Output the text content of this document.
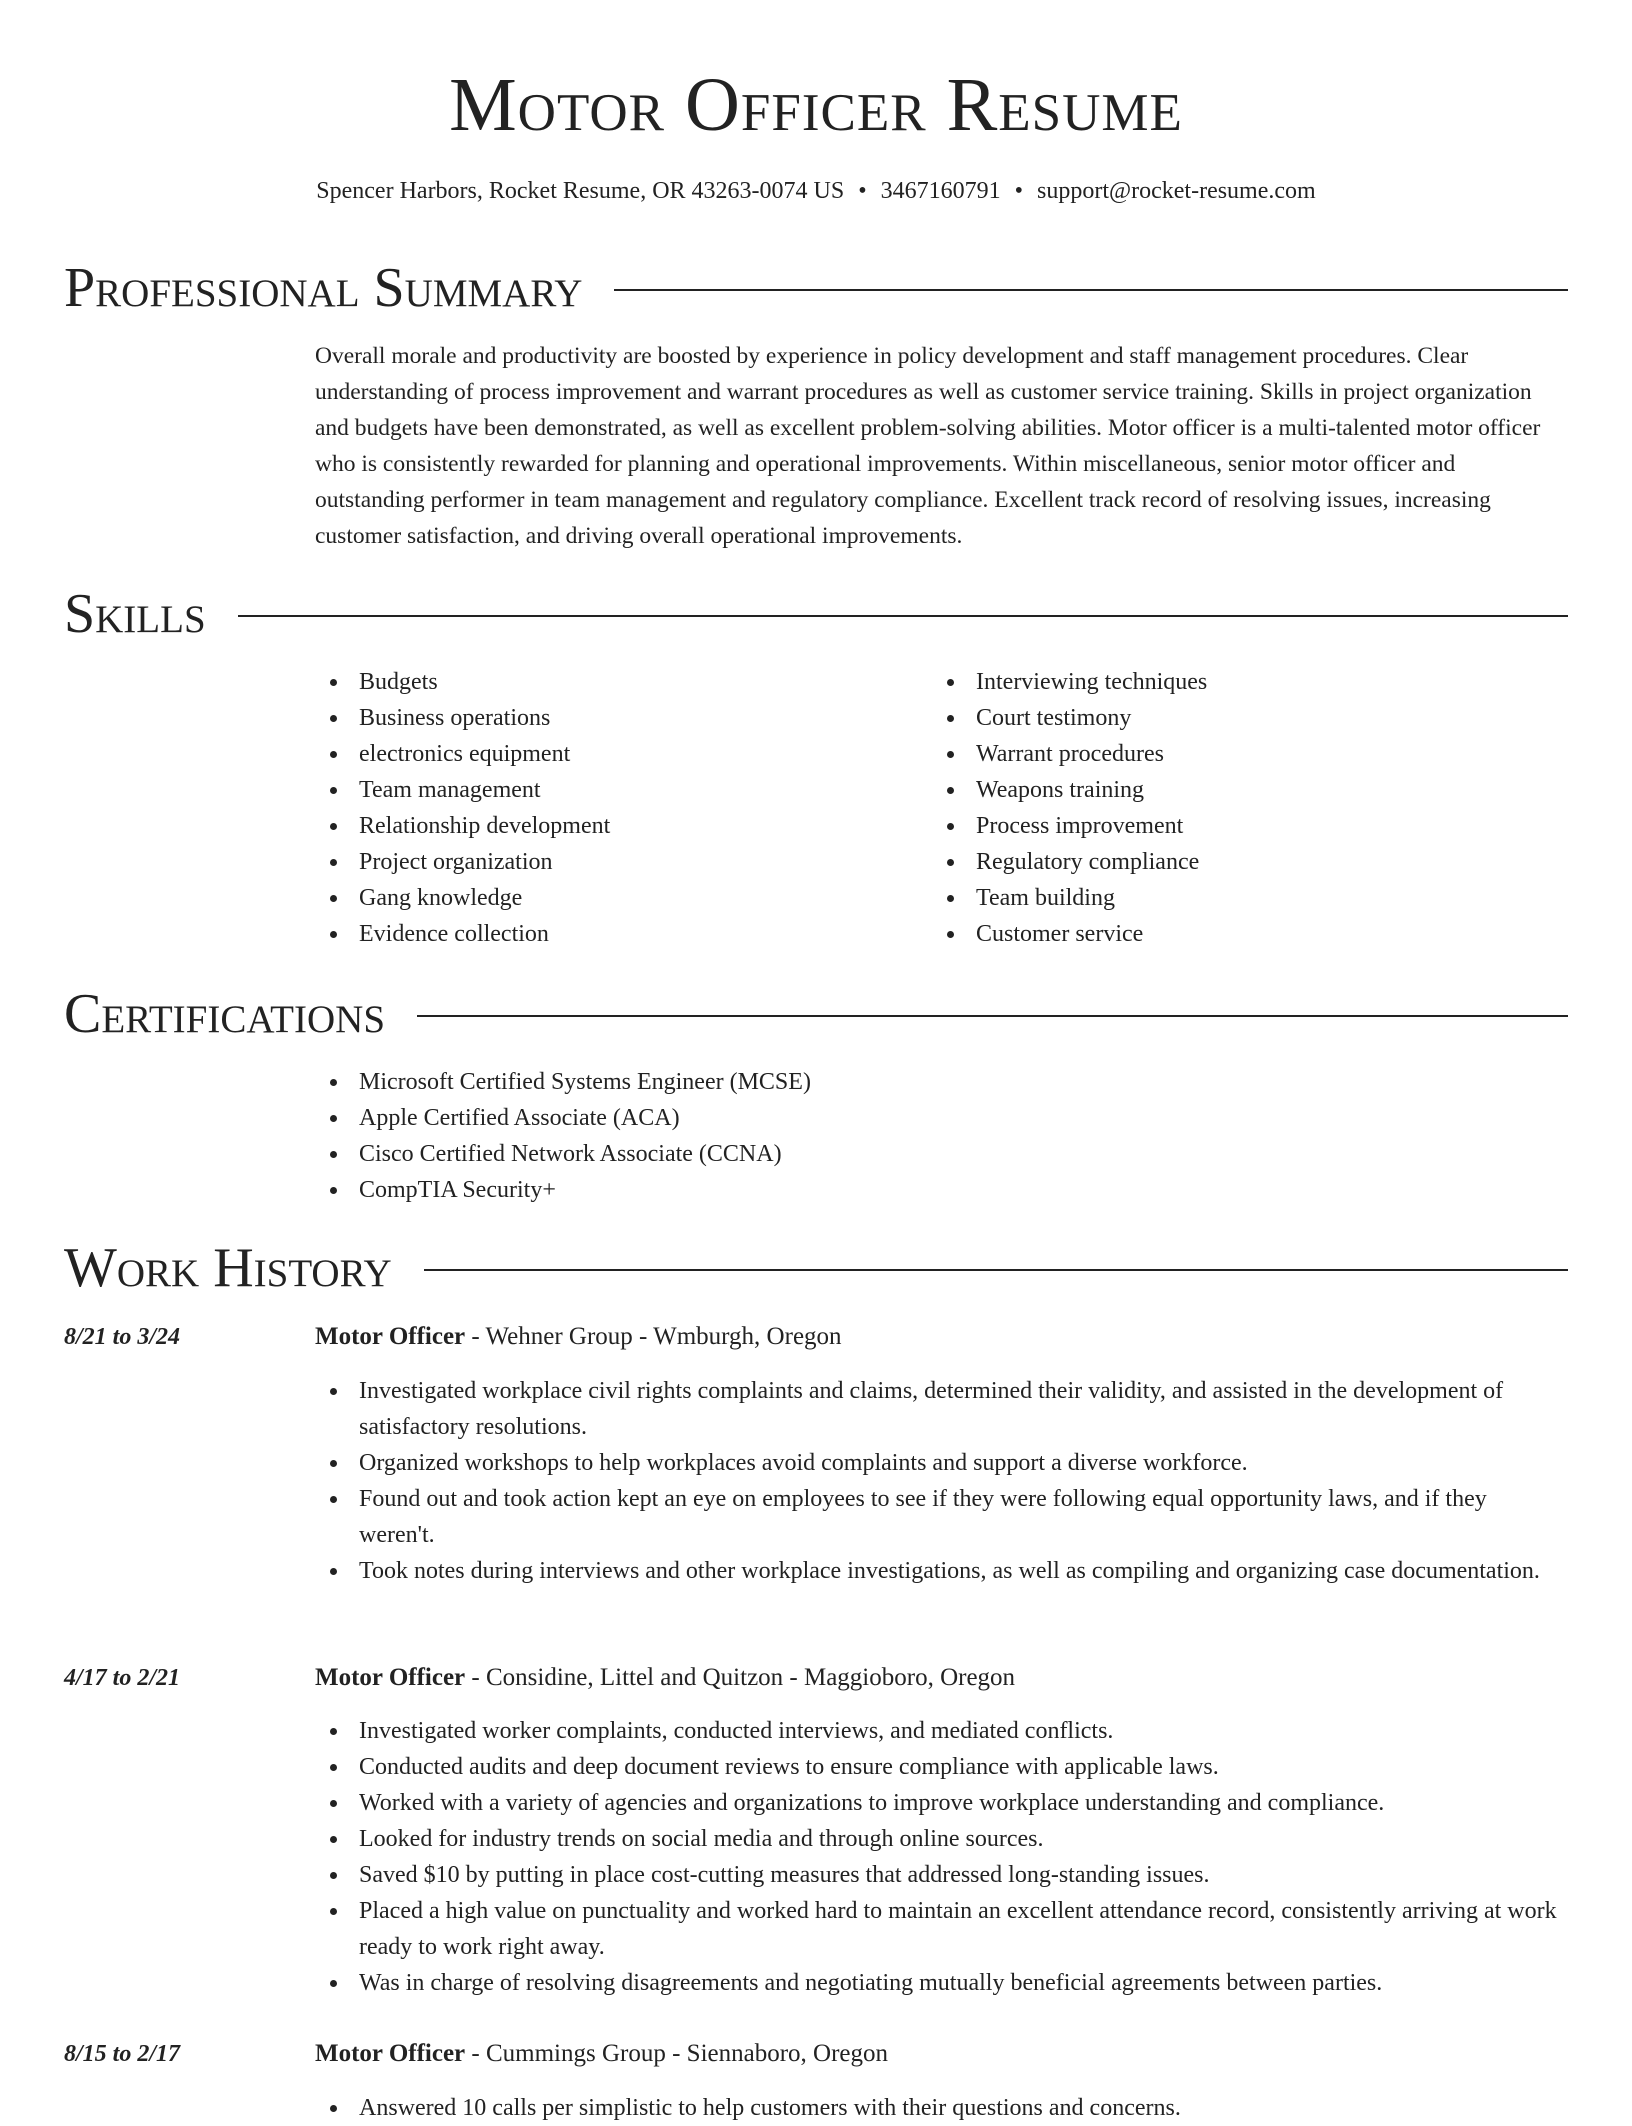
Motor Officer Resume
Spencer Harbors, Rocket Resume, OR 43263-0074 US • 3467160791 • support@rocket-resume.com
Professional Summary

Overall morale and productivity are boosted by experience in policy development and staff management procedures. Clear understanding of process improvement and warrant procedures as well as customer service training. Skills in project organization and budgets have been demonstrated, as well as excellent problem-solving abilities. Motor officer is a multi-talented motor officer who is consistently rewarded for planning and operational improvements. Within miscellaneous, senior motor officer and outstanding performer in team management and regulatory compliance. Excellent track record of resolving issues, increasing customer satisfaction, and driving overall operational improvements.

Skills
Budgets
Business operations
electronics equipment
Team management
Relationship development
Project organization
Gang knowledge
Evidence collection
Interviewing techniques
Court testimony
Warrant procedures
Weapons training
Process improvement
Regulatory compliance
Team building
Customer service
Certifications
Microsoft Certified Systems Engineer (MCSE)
Apple Certified Associate (ACA)
Cisco Certified Network Associate (CCNA)
CompTIA Security+
Work History
8/21 to 3/24	Motor Officer - Wehner Group - Wmburgh, Oregon
Investigated workplace civil rights complaints and claims, determined their validity, and assisted in the development of satisfactory resolutions.
Organized workshops to help workplaces avoid complaints and support a diverse workforce.
Found out and took action kept an eye on employees to see if they were following equal opportunity laws, and if they weren't.
Took notes during interviews and other workplace investigations, as well as compiling and organizing case documentation.
4/17 to 2/21	Motor Officer - Considine, Littel and Quitzon - Maggioboro, Oregon
Investigated worker complaints, conducted interviews, and mediated conflicts.
Conducted audits and deep document reviews to ensure compliance with applicable laws.
Worked with a variety of agencies and organizations to improve workplace understanding and compliance.
Looked for industry trends on social media and through online sources.
Saved $10 by putting in place cost-cutting measures that addressed long-standing issues.
Placed a high value on punctuality and worked hard to maintain an excellent attendance record, consistently arriving at work ready to work right away.
Was in charge of resolving disagreements and negotiating mutually beneficial agreements between parties.
8/15 to 2/17	Motor Officer - Cummings Group - Siennaboro, Oregon
Answered 10 calls per simplistic to help customers with their questions and concerns.
